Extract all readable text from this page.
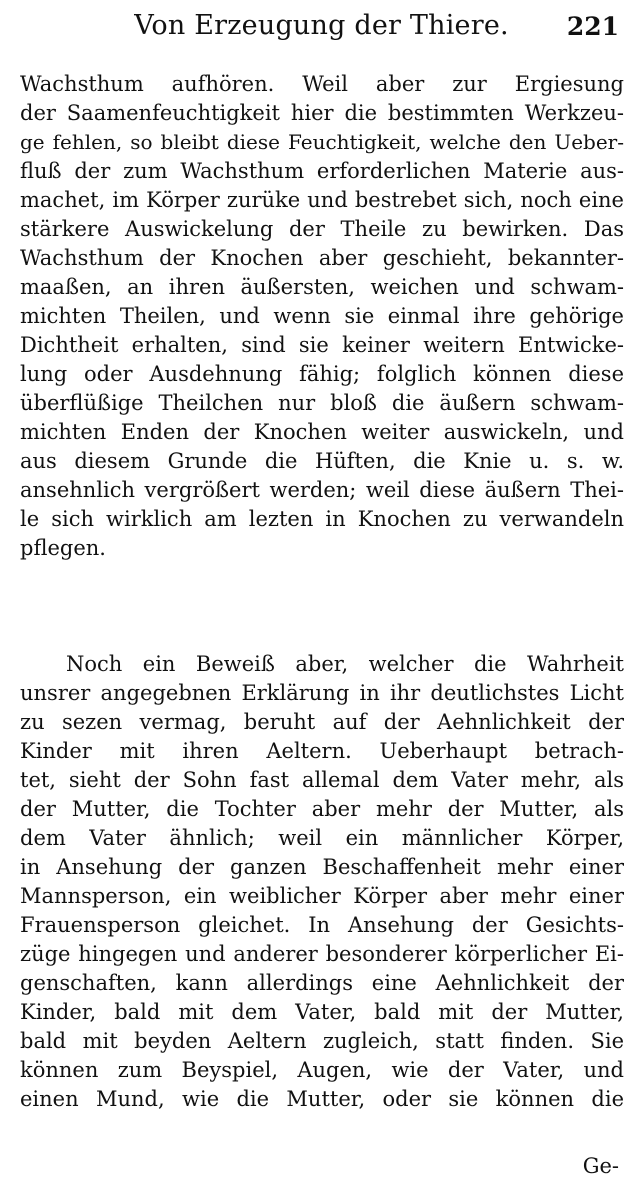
Von Erzeugung der Thiere.	221
Wachsthum aufhören. Weil aber zur Ergiesung
der Saamenfeuchtigkeit hier die bestimmten Werkzeu-
ge fehlen, so bleibt diese Feuchtigkeit, welche den Ueber-
fluß der zum Wachsthum erforderlichen Materie aus-
machet, im Körper zurüke und bestrebet sich, noch eine
stärkere Auswickelung der Theile zu bewirken. Das
Wachsthum der Knochen aber geschieht, bekannter-
maaßen, an ihren äußersten, weichen und schwam-
michten Theilen, und wenn sie einmal ihre gehörige
Dichtheit erhalten, sind sie keiner weitern Entwicke-
lung oder Ausdehnung fähig; folglich können diese
überflüßige Theilchen nur bloß die äußern schwam-
michten Enden der Knochen weiter auswickeln, und
aus diesem Grunde die Hüften, die Knie u. s. w.
ansehnlich vergrößert werden; weil diese äußern Thei-
le sich wirklich am lezten in Knochen zu verwandeln
pflegen.
Noch ein Beweiß aber, welcher die Wahrheit
unsrer angegebnen Erklärung in ihr deutlichstes Licht
zu sezen vermag, beruht auf der Aehnlichkeit der
Kinder mit ihren Aeltern. Ueberhaupt betrach-
tet, sieht der Sohn fast allemal dem Vater mehr, als
der Mutter, die Tochter aber mehr der Mutter, als
dem Vater ähnlich; weil ein männlicher Körper,
in Ansehung der ganzen Beschaffenheit mehr einer
Mannsperson, ein weiblicher Körper aber mehr einer
Frauensperson gleichet. In Ansehung der Gesichts-
züge hingegen und anderer besonderer körperlicher Ei-
genschaften, kann allerdings eine Aehnlichkeit der
Kinder, bald mit dem Vater, bald mit der Mutter,
bald mit beyden Aeltern zugleich, statt finden. Sie
können zum Beyspiel, Augen, wie der Vater, und
einen Mund, wie die Mutter, oder sie können die
Ge-
